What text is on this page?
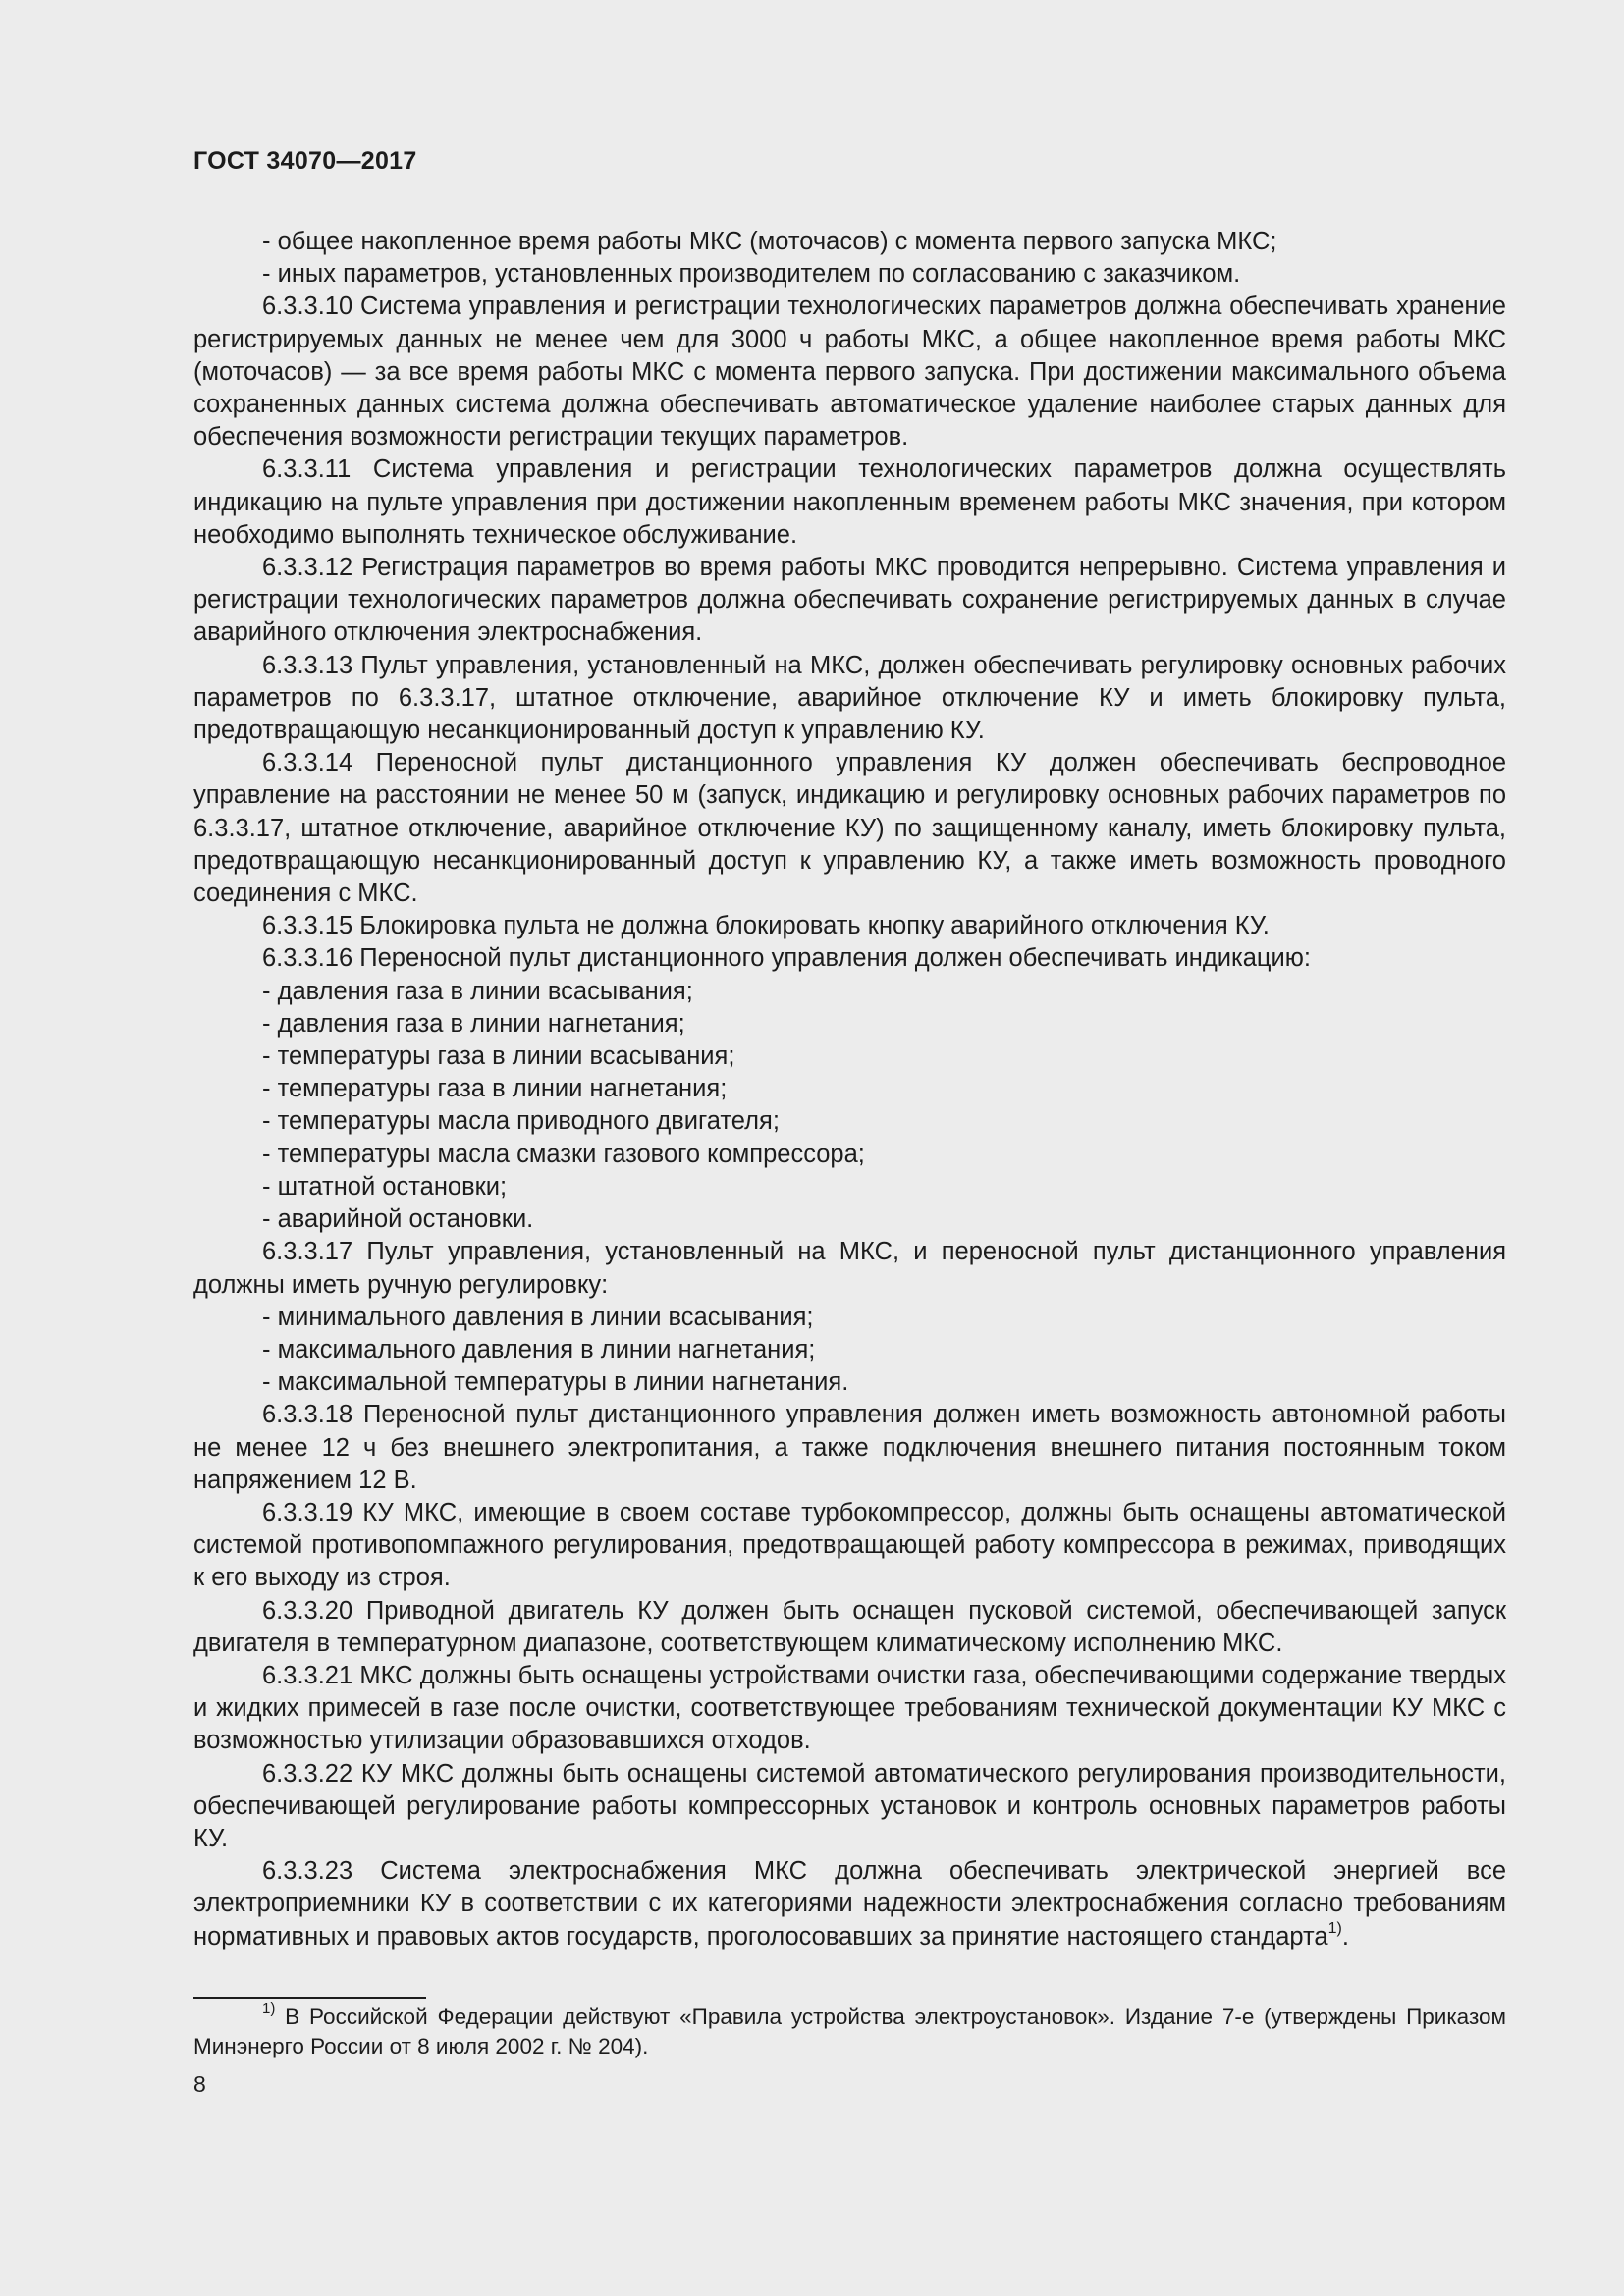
ГОСТ 34070—2017

- общее накопленное время работы МКС (моточасов) с момента первого запуска МКС;

- иных параметров, установленных производителем по согласованию с заказчиком.

6.3.3.10 Система управления и регистрации технологических параметров должна обеспечивать хранение регистрируемых данных не менее чем для 3000 ч работы МКС, а общее накопленное время работы МКС (моточасов) — за все время работы МКС с момента первого запуска. При достижении максимального объема сохраненных данных система должна обеспечивать автоматическое удаление наиболее старых данных для обеспечения возможности регистрации текущих параметров.

6.3.3.11 Система управления и регистрации технологических параметров должна осуществлять индикацию на пульте управления при достижении накопленным временем работы МКС значения, при котором необходимо выполнять техническое обслуживание.

6.3.3.12 Регистрация параметров во время работы МКС проводится непрерывно. Система управления и регистрации технологических параметров должна обеспечивать сохранение регистрируемых данных в случае аварийного отключения электроснабжения.

6.3.3.13 Пульт управления, установленный на МКС, должен обеспечивать регулировку основных рабочих параметров по 6.3.3.17, штатное отключение, аварийное отключение КУ и иметь блокировку пульта, предотвращающую несанкционированный доступ к управлению КУ.

6.3.3.14 Переносной пульт дистанционного управления КУ должен обеспечивать беспроводное управление на расстоянии не менее 50 м (запуск, индикацию и регулировку основных рабочих параметров по 6.3.3.17, штатное отключение, аварийное отключение КУ) по защищенному каналу, иметь блокировку пульта, предотвращающую несанкционированный доступ к управлению КУ, а также иметь возможность проводного соединения с МКС.

6.3.3.15 Блокировка пульта не должна блокировать кнопку аварийного отключения КУ.

6.3.3.16 Переносной пульт дистанционного управления должен обеспечивать индикацию:

- давления газа в линии всасывания;

- давления газа в линии нагнетания;

- температуры газа в линии всасывания;

- температуры газа в линии нагнетания;

- температуры масла приводного двигателя;

- температуры масла смазки газового компрессора;

- штатной остановки;

- аварийной остановки.

6.3.3.17 Пульт управления, установленный на МКС, и переносной пульт дистанционного управления должны иметь ручную регулировку:

- минимального давления в линии всасывания;

- максимального давления в линии нагнетания;

- максимальной температуры в линии нагнетания.

6.3.3.18 Переносной пульт дистанционного управления должен иметь возможность автономной работы не менее 12 ч без внешнего электропитания, а также подключения внешнего питания постоянным током напряжением 12 В.

6.3.3.19 КУ МКС, имеющие в своем составе турбокомпрессор, должны быть оснащены автоматической системой противопомпажного регулирования, предотвращающей работу компрессора в режимах, приводящих к его выходу из строя.

6.3.3.20 Приводной двигатель КУ должен быть оснащен пусковой системой, обеспечивающей запуск двигателя в температурном диапазоне, соответствующем климатическому исполнению МКС.

6.3.3.21 МКС должны быть оснащены устройствами очистки газа, обеспечивающими содержание твердых и жидких примесей в газе после очистки, соответствующее требованиям технической документации КУ МКС с возможностью утилизации образовавшихся отходов.

6.3.3.22 КУ МКС должны быть оснащены системой автоматического регулирования производительности, обеспечивающей регулирование работы компрессорных установок и контроль основных параметров работы КУ.

6.3.3.23 Система электроснабжения МКС должна обеспечивать электрической энергией все электроприемники КУ в соответствии с их категориями надежности электроснабжения согласно требованиям нормативных и правовых актов государств, проголосовавших за принятие настоящего стандарта$^{1)}$.

$^{1)}$ В Российской Федерации действуют «Правила устройства электроустановок». Издание 7-е (утверждены Приказом Минэнерго России от 8 июля 2002 г. № 204).
8
